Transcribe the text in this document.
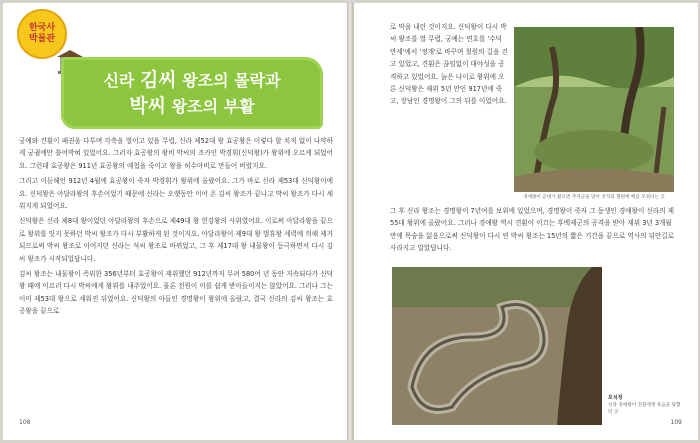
한국사
박물관
신라 김씨 왕조의 몰락과
박씨 왕조의 부활

궁예와 견훤이 패권을 다투며 각축을 벌이고 있을 무렵, 신라 제52대 왕 효공왕은 이렇다 할 치적 없이 나약하게 궁궐에만 틀어박혀 있었어요. 그러자 효공왕의 왕비 박씨의 조카인 박경휘(신덕왕)가 왕위에 오르게 되었어요. 그런데 효공왕은 911년 효공왕의 애첩을 죽이고 왕을 허수아비로 만들어 버렸지요.

그리고 이듬해인 912년 4월에 효공왕이 죽자 박경휘가 왕위에 올랐어요. 그가 바로 신라 제53대 신덕왕이에요. 신덕왕은 아달라왕의 후손이었기 때문에 신라는 오랫동안 이어 온 김씨 왕조가 끝나고 박씨 왕조가 다시 세워지게 되었어요.

신덕왕은 신라 제8대 왕이었던 아달라왕의 후손으로 제49대 왕 헌강왕의 사위였어요. 이로써 아달라왕을 끝으로 왕위를 잇지 못하던 박씨 왕조가 다시 부활하게 된 것이지요. 아달라왕이 제9대 왕 벌휴왕 세력에 의해 제거되므로써 박씨 왕조로 이어지던 신라는 석씨 왕조로 바뀌었고, 그 후 제17대 왕 내물왕이 등극하면서 다시 김씨 왕조가 시작되었답니다.

김씨 왕조는 내물왕이 즉위한 356년부터 효공왕이 재위했던 912년까지 무려 580여 년 동안 지속되다가 신덕왕 때에 이르러 다시 박씨에게 왕위를 내주었어요. 물론 전원이 이를 쉽게 받아들이지는 않았어요. 그러나 그는 이미 제53대 왕으로 세워진 뒤였어요. 신덕왕의 아들인 경명왕이 왕위에 올랐고, 결국 신라의 김씨 왕조는 효공왕을 끝으로

108
로 막을 내린 것이지요. 신덕왕이 다시 박씨 왕조를 열 무렵, 궁예는 연호를 '수덕만세'에서 '정개'로 바꾸며 철원의 길을 걷고 있었고, 견훤은 끊임없이 대야성을 공격하고 있었어요. 늙은 나이로 왕위에 오른 신덕왕은 재위 5년 만인 917년에 죽고, 장남인 경명왕이 그의 뒤를 이었어요.
경애왕이 군대가 왔으면 추격군을 맞아 궁지의 형편에 배를 모았다는 곳
그 후 신라 왕조는 경명왕이 7년여를 보위에 있었으며, 경명왕이 죽자 그 동생인 경애왕이 신라의 제55대 왕위에 올랐어요. 그러나 경애왕 역시 견훤이 이끄는 후백제군의 공격을 받아 재위 3년 3개월 만에 목숨을 잃음으로써 신덕왕이 다시 연 박씨 왕조는 15년의 짧은 기간을 끝으로 역사의 뒤안길로 사라지고 말았답니다.
포석정
신라 경애왕이 견훤에게 죽음을 당했던 곳
109
